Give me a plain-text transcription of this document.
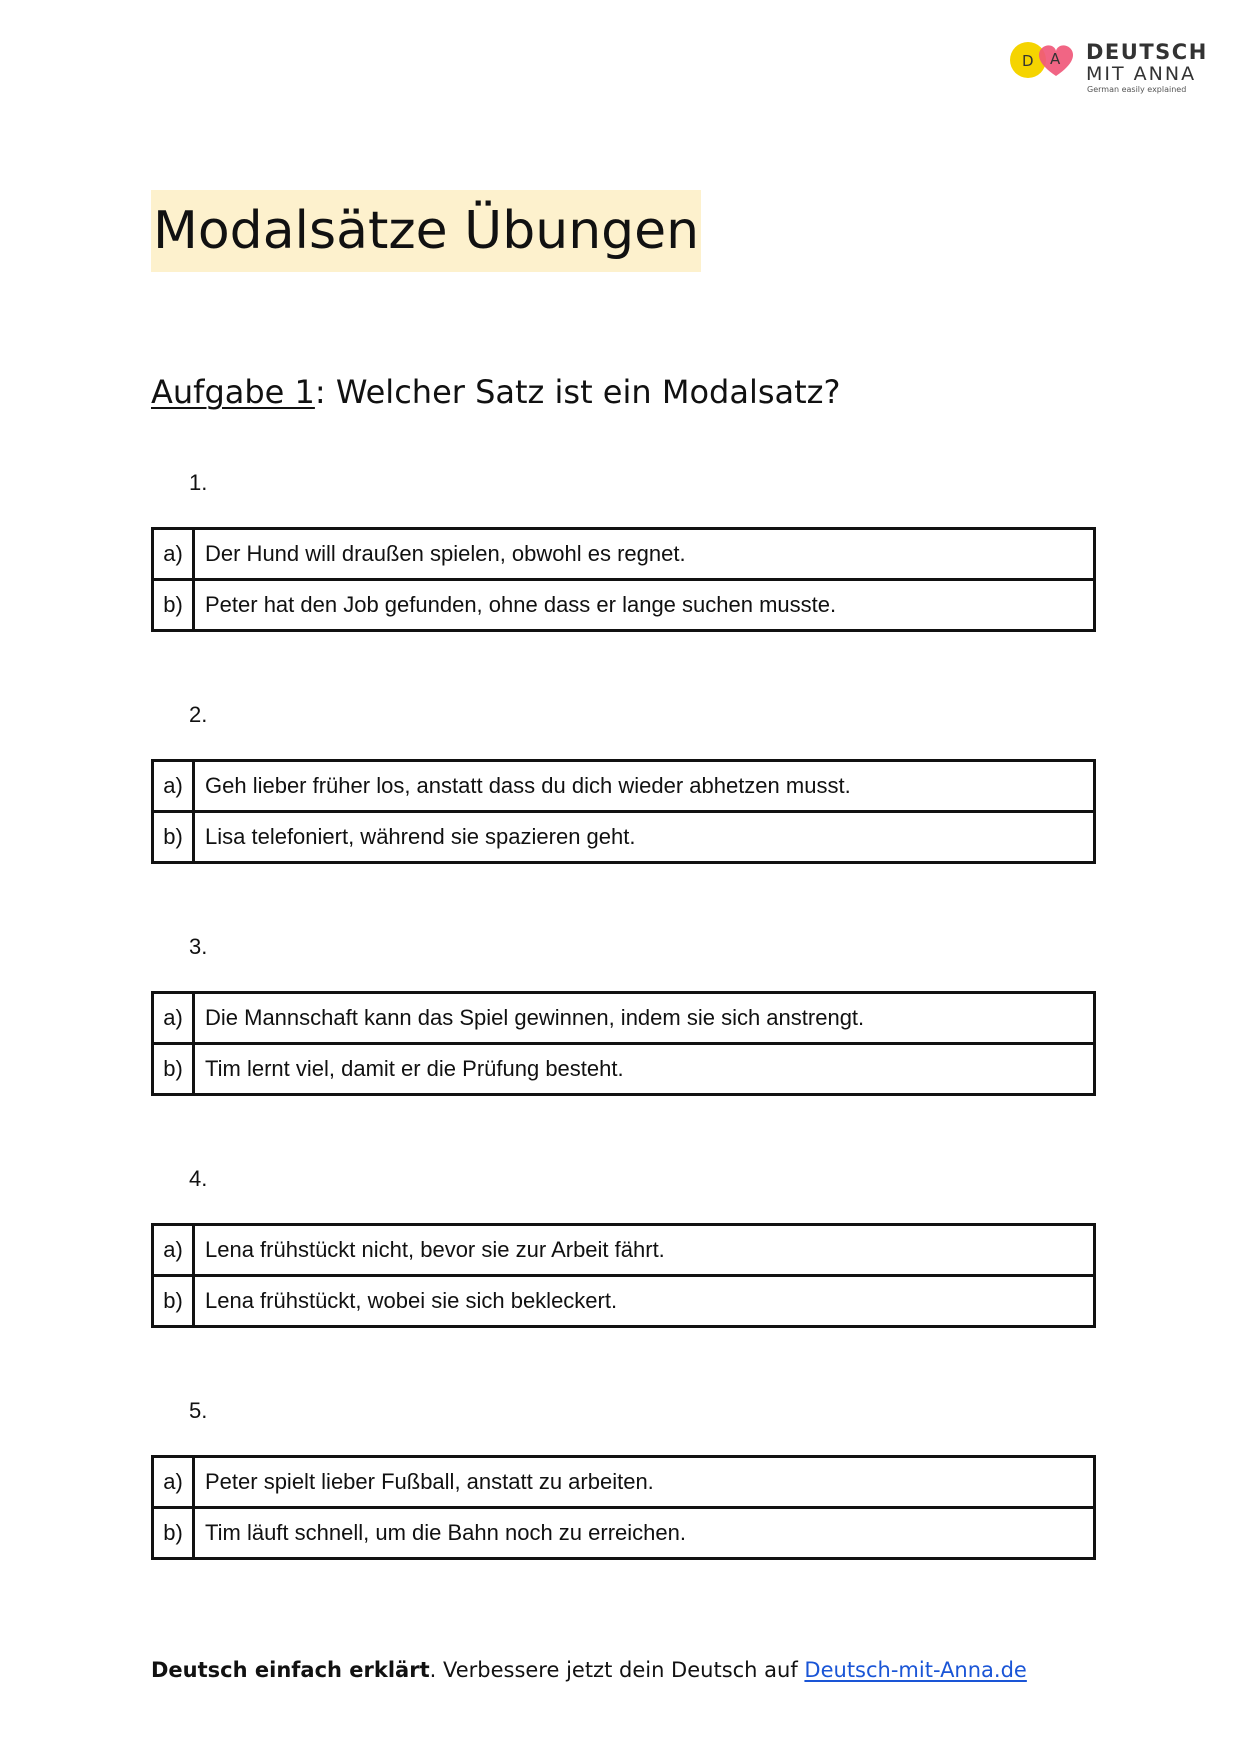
D A DEUTSCH
MIT ANNA
German easily explained
Modalsätze Übungen
Aufgabe 1: Welcher Satz ist ein Modalsatz?
1.
a)	Der Hund will draußen spielen, obwohl es regnet.
b)	Peter hat den Job gefunden, ohne dass er lange suchen musste.
2.
a)	Geh lieber früher los, anstatt dass du dich wieder abhetzen musst.
b)	Lisa telefoniert, während sie spazieren geht.
3.
a)	Die Mannschaft kann das Spiel gewinnen, indem sie sich anstrengt.
b)	Tim lernt viel, damit er die Prüfung besteht.
4.
a)	Lena frühstückt nicht, bevor sie zur Arbeit fährt.
b)	Lena frühstückt, wobei sie sich bekleckert.
5.
a)	Peter spielt lieber Fußball, anstatt zu arbeiten.
b)	Tim läuft schnell, um die Bahn noch zu erreichen.
Deutsch einfach erklärt. Verbessere jetzt dein Deutsch auf Deutsch-mit-Anna.de
